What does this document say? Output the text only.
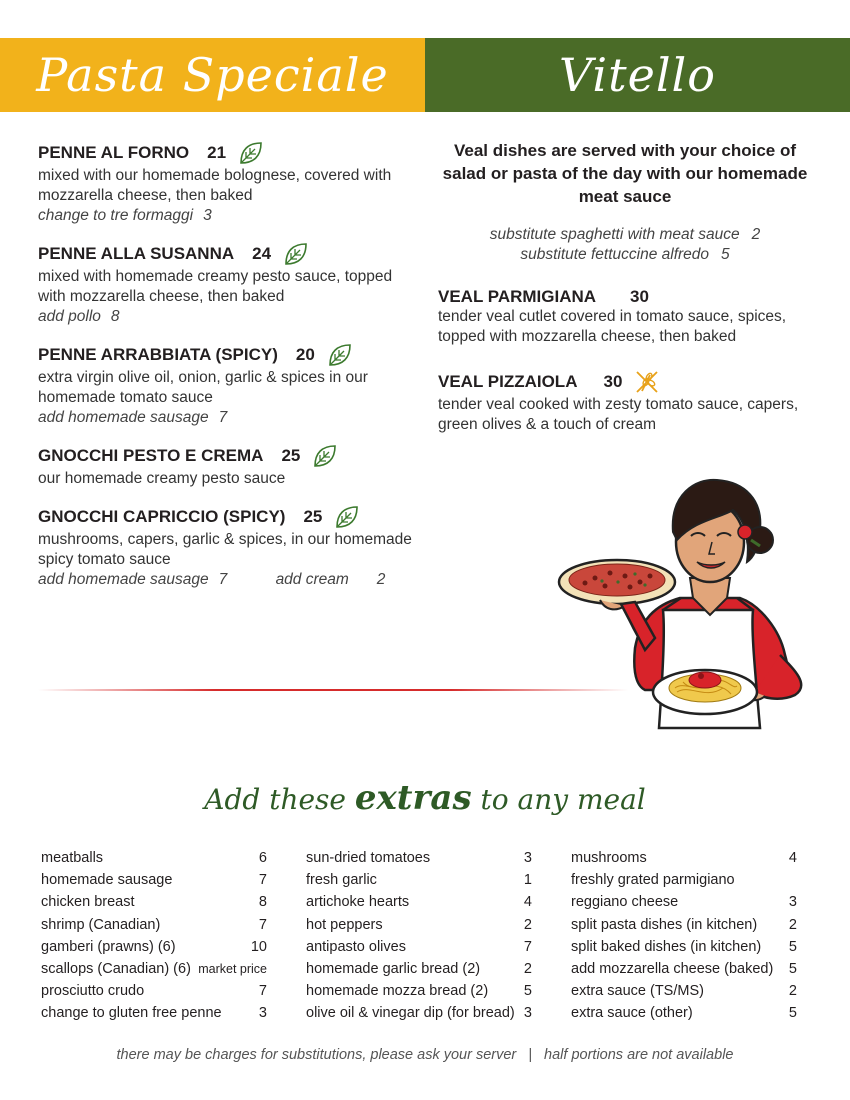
Pasta Speciale	Vitello
PENNE AL FORNO 21
mixed with our homemade bolognese, covered with mozzarella cheese, then baked
change to tre formaggi 3
PENNE ALLA SUSANNA 24
mixed with homemade creamy pesto sauce, topped with mozzarella cheese, then baked
add pollo 8
PENNE ARRABBIATA (SPICY) 20
extra virgin olive oil, onion, garlic & spices in our homemade tomato sauce
add homemade sausage 7
GNOCCHI PESTO E CREMA 25
our homemade creamy pesto sauce
GNOCCHI CAPRICCIO (SPICY) 25
mushrooms, capers, garlic & spices, in our homemade spicy tomato sauce
add homemade sausage 7	add cream 2
Veal dishes are served with your choice of salad or pasta of the day with our homemade meat sauce
substitute spaghetti with meat sauce 2
substitute fettuccine alfredo 5
VEAL PARMIGIANA 30
tender veal cutlet covered in tomato sauce, spices, topped with mozzarella cheese, then baked
VEAL PIZZAIOLA 30
tender veal cooked with zesty tomato sauce, capers, green olives & a touch of cream
Add these extras to any meal
meatballs	6
homemade sausage	7
chicken breast	8
shrimp (Canadian)	7
gamberi (prawns) (6)	10
scallops (Canadian) (6) market price
prosciutto crudo	7
change to gluten free penne	3
sun-dried tomatoes	3
fresh garlic	1
artichoke hearts	4
hot peppers	2
antipasto olives	7
homemade garlic bread (2)	2
homemade mozza bread (2) 5
olive oil & vinegar dip (for bread) 3
mushrooms	4
freshly grated parmigiano
reggiano cheese	3
split pasta dishes (in kitchen) 2
split baked dishes (in kitchen) 5
add mozzarella cheese (baked) 5
extra sauce (TS/MS)	2
extra sauce (other)	5
there may be charges for substitutions, please ask your server | half portions are not available
